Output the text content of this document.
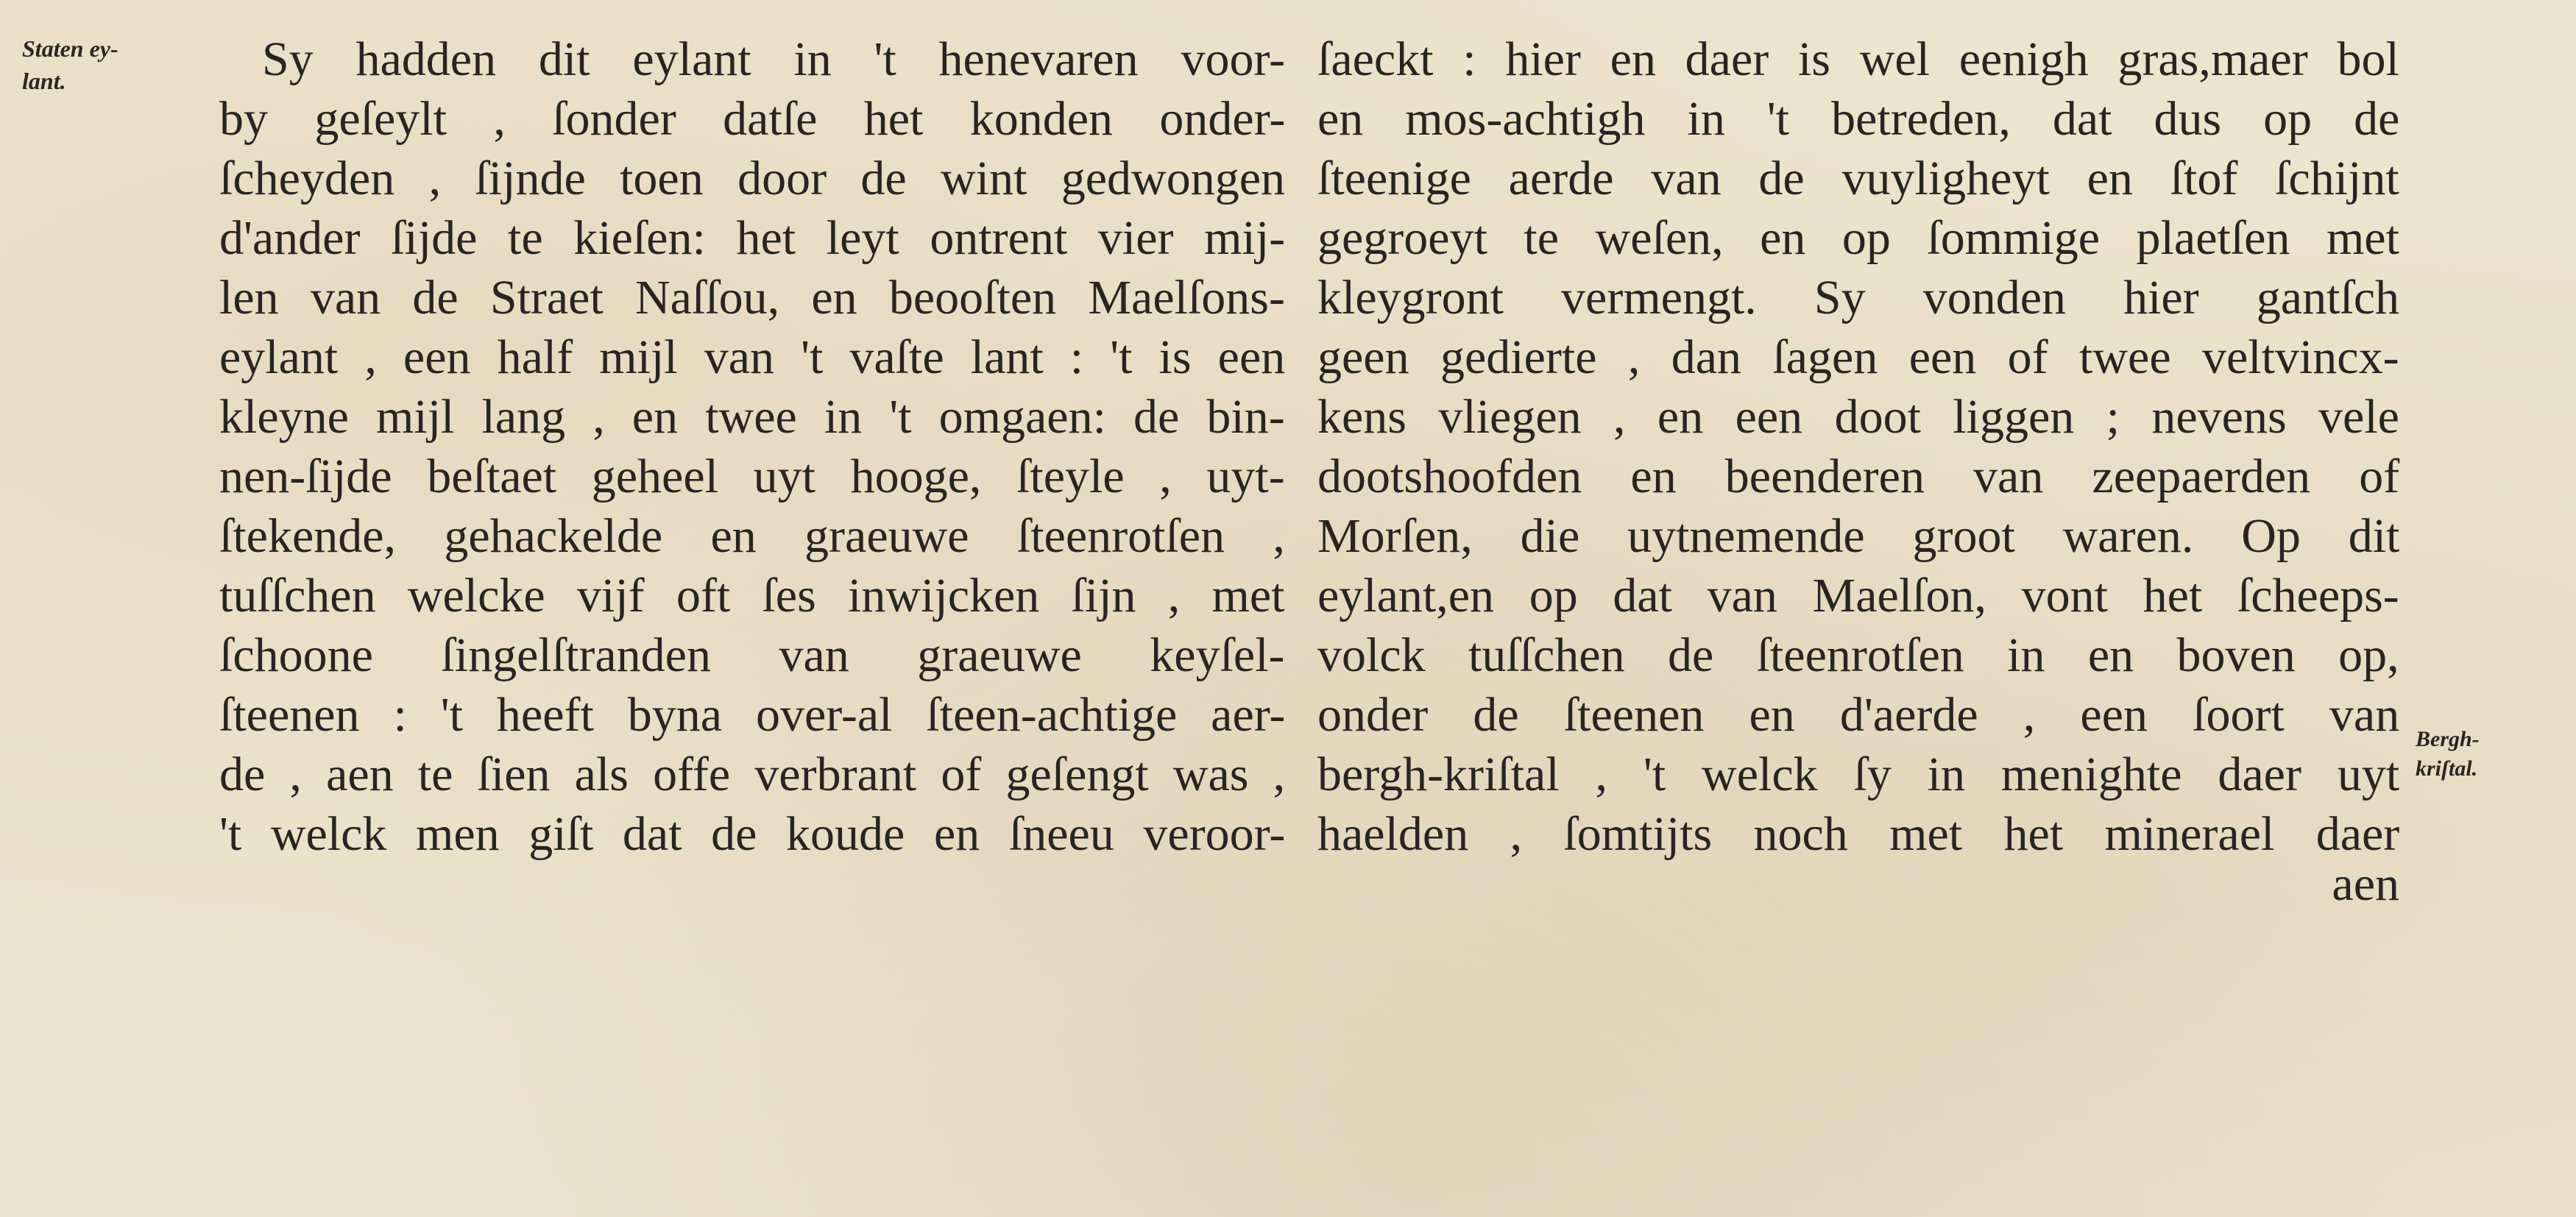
Staten ey-
lant.	Sy hadden dit eylant in 't henevaren voor-
by geſeylt , ſonder datſe het konden onder-
ſcheyden , ſijnde toen door de wint gedwongen
d'ander ſijde te kieſen: het leyt ontrent vier mij-
len van de Straet Naſſou, en beooſten Maelſons-
eylant , een half mijl van 't vaſte lant : 't is een
kleyne mijl lang , en twee in 't omgaen: de bin-
nen-ſijde beſtaet geheel uyt hooge, ſteyle , uyt-
ſtekende, gehackelde en graeuwe ſteenrotſen ,
tuſſchen welcke vijf oft ſes inwijcken ſijn , met
ſchoone ſingelſtranden van graeuwe keyſel-
ſteenen : 't heeft byna over-al ſteen-achtige aer-
de , aen te ſien als offe verbrant of geſengt was ,
't welck men giſt dat de koude en ſneeu veroor-
ſaeckt : hier en daer is wel eenigh gras,maer bol
en mos-achtigh in 't betreden, dat dus op de
ſteenige aerde van de vuyligheyt en ſtof ſchijnt
gegroeyt te weſen, en op ſommige plaetſen met
kleygront vermengt. Sy vonden hier gantſch
geen gedierte , dan ſagen een of twee veltvincx-
kens vliegen , en een doot liggen ; nevens vele
dootshoofden en beenderen van zeepaerden of
Morſen, die uytnemende groot waren. Op dit
eylant,en op dat van Maelſon, vont het ſcheeps-
volck tuſſchen de ſteenrotſen in en boven op,
onder de ſteenen en d'aerde , een ſoort van
bergh-kriſtal , 't welck ſy in menighte daer uyt
haelden , ſomtijts noch met het minerael daer
Bergh-
kriſtal.
aen
